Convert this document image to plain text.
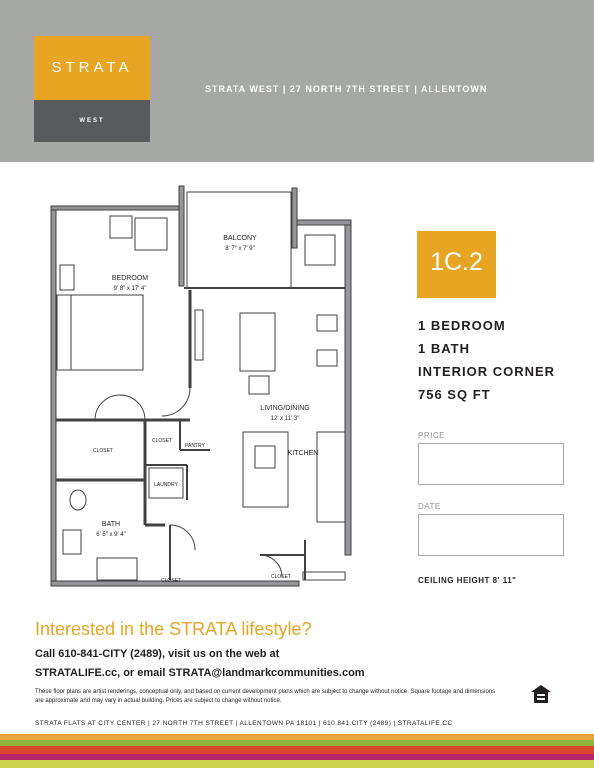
STRATA
WEST
STRATA WEST | 27 NORTH 7TH STREET | ALLENTOWN
BALCONY
8' 7" x 7' 9"
BEDROOM
9' 8" x 17' 4"
LIVING/DINING
12' x 11' 3"
KITCHEN
CLOSET
CLOSET
PANTRY
LAUNDRY
BATH
6' 5" x 9' 4"
CLOSET
CLOSET
1C.2
1 BEDROOM
1 BATH
INTERIOR CORNER
756 SQ FT
PRICE
DATE
CEILING HEIGHT 8' 11"
Interested in the STRATA lifestyle?
Call 610-841-CITY (2489), visit us on the web at
STRATALIFE.cc, or email STRATA@landmarkcommunities.com
These floor plans are artist renderings, conceptual only, and based on current development plans which are subject to change without notice. Square footage and dimensions are approximate and may vary in actual building. Prices are subject to change without notice.
STRATA FLATS AT CITY CENTER | 27 NORTH 7TH STREET | ALLENTOWN PA 18101 | 610.841.CITY (2489) | STRATALIFE.CC
